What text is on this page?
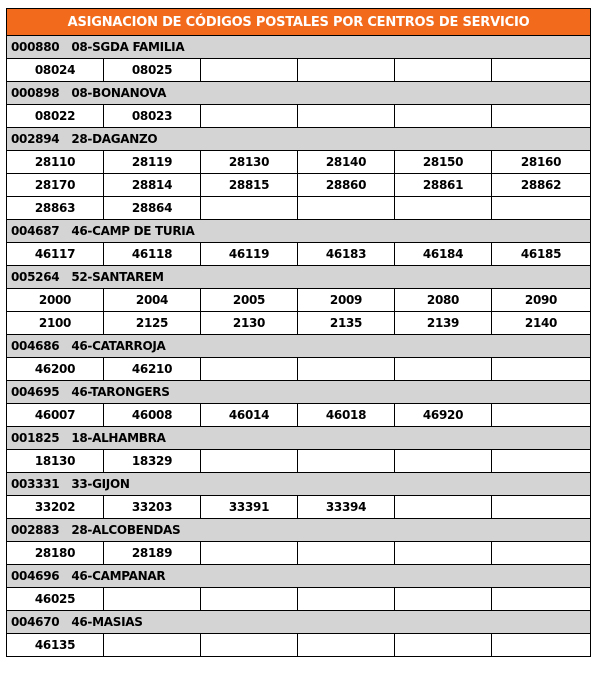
ASIGNACION DE CÓDIGOS POSTALES POR CENTROS DE SERVICIO					
000880 08-SGDA FAMILIA					
08024	08025				
000898 08-BONANOVA					
08022	08023				
002894 28-DAGANZO					
28110	28119	28130	28140	28150	28160
28170	28814	28815	28860	28861	28862
28863	28864				
004687 46-CAMP DE TURIA					
46117	46118	46119	46183	46184	46185
005264 52-SANTAREM					
2000	2004	2005	2009	2080	2090
2100	2125	2130	2135	2139	2140
004686 46-CATARROJA					
46200	46210				
004695 46-TARONGERS					
46007	46008	46014	46018	46920	
001825 18-ALHAMBRA					
18130	18329				
003331 33-GIJON					
33202	33203	33391	33394		
002883 28-ALCOBENDAS					
28180	28189				
004696 46-CAMPANAR					
46025					
004670 46-MASIAS					
46135					
